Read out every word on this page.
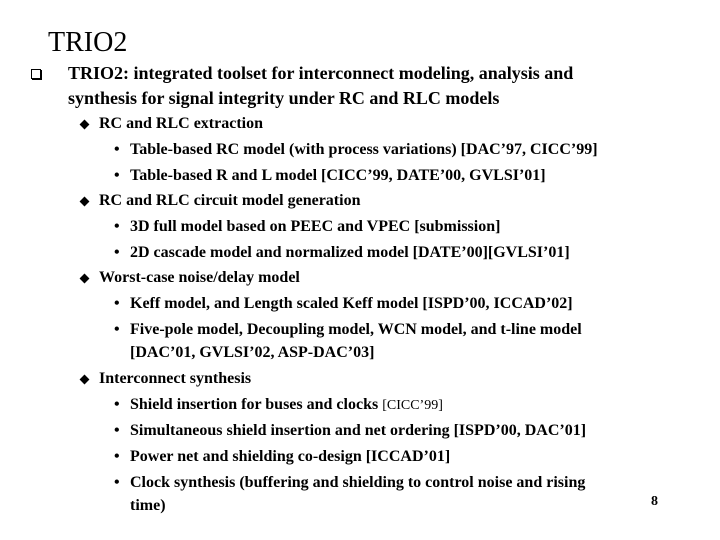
TRIO2
TRIO2: integrated toolset for interconnect modeling, analysis and
synthesis for signal integrity under RC and RLC models
RC and RLC extraction
• Table-based RC model (with process variations) [DAC’97, CICC’99]
• Table-based R and L model [CICC’99, DATE’00, GVLSI’01]
RC and RLC circuit model generation
• 3D full model based on PEEC and VPEC [submission]
• 2D cascade model and normalized model [DATE’00][GVLSI’01]
Worst-case noise/delay model
• Keff model, and Length scaled Keff model [ISPD’00, ICCAD’02]
• Five-pole model, Decoupling model, WCN model, and t-line model
[DAC’01, GVLSI’02, ASP-DAC’03]
Interconnect synthesis
• Shield insertion for buses and clocks [CICC’99]
• Simultaneous shield insertion and net ordering [ISPD’00, DAC’01]
• Power net and shielding co-design [ICCAD’01]
• Clock synthesis (buffering and shielding to control noise and rising
time)	8
